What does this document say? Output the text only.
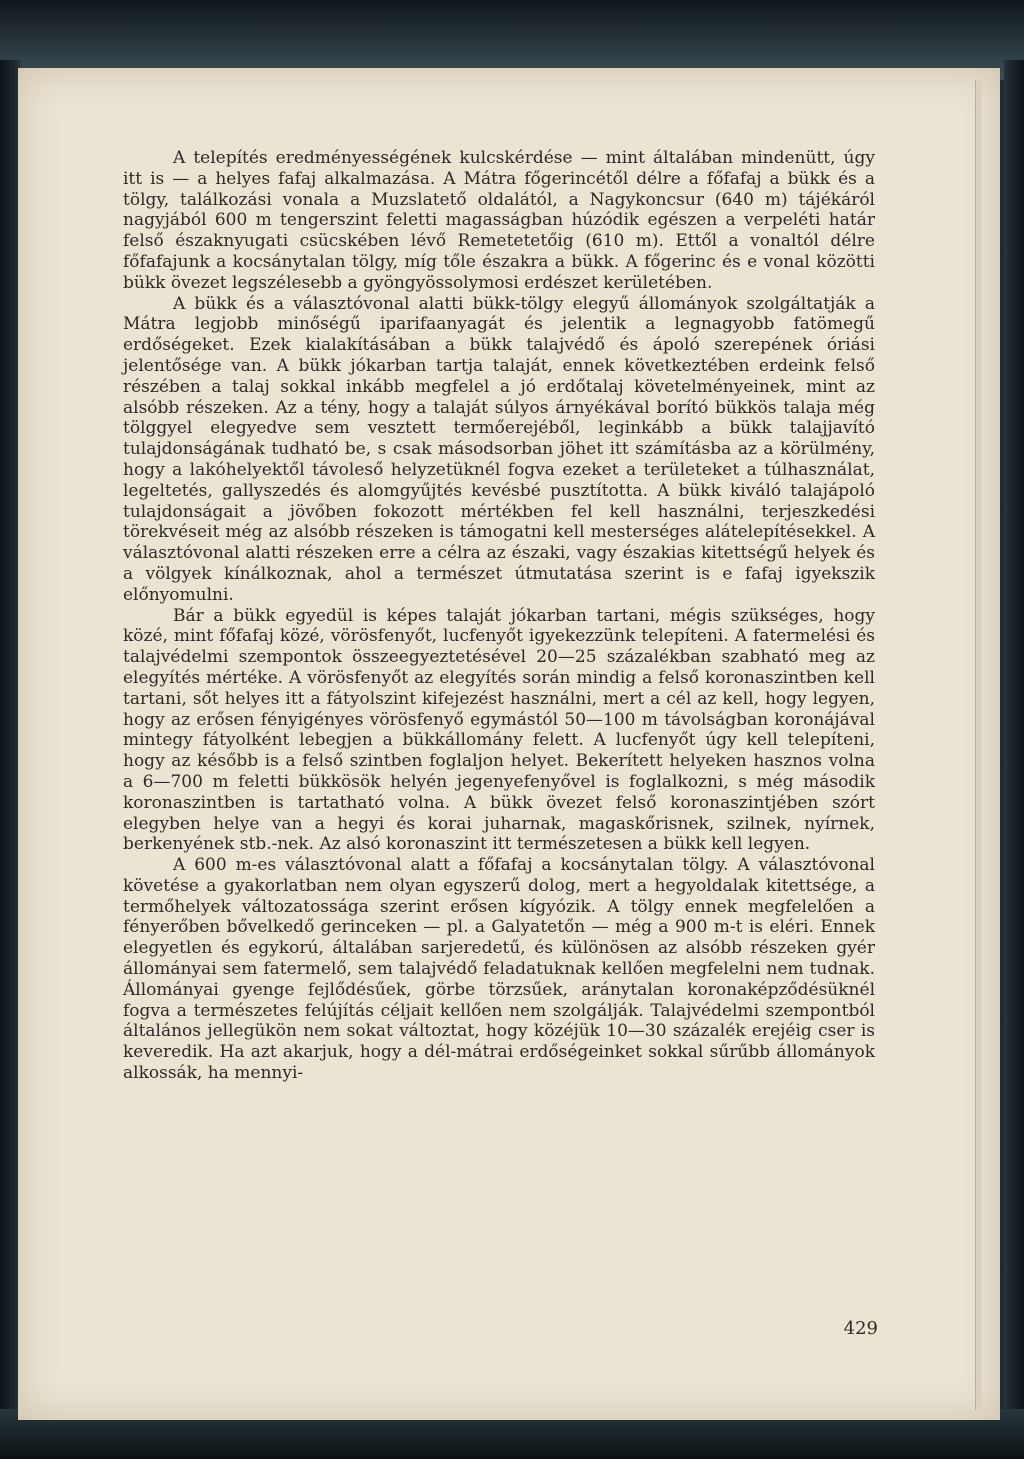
A telepítés eredményességének kulcskérdése — mint általában mindenütt, úgy itt is — a helyes fafaj alkalmazása. A Mátra főgerincétől délre a főfafaj a bükk és a tölgy, találkozási vonala a Muzslatető oldalától, a Nagykoncsur (640 m) tájékáról nagyjából 600 m tengerszint feletti magasságban húzódik egészen a verpeléti határ felső északnyugati csücskében lévő Remetetetőig (610 m). Ettől a vonaltól délre főfafajunk a kocsánytalan tölgy, míg tőle északra a bükk. A főgerinc és e vonal közötti bükk övezet legszélesebb a gyöngyössolymosi erdészet kerületében.

A bükk és a választóvonal alatti bükk-tölgy elegyű állományok szolgáltatják a Mátra legjobb minőségű iparifaanyagát és jelentik a legnagyobb fatömegű erdőségeket. Ezek kialakításában a bükk talajvédő és ápoló szerepének óriási jelentősége van. A bükk jókarban tartja talaját, ennek következtében erdeink felső részében a talaj sokkal inkább megfelel a jó erdőtalaj követelményeinek, mint az alsóbb részeken. Az a tény, hogy a talaját súlyos árnyékával borító bükkös talaja még tölggyel elegyedve sem vesztett termőerejéből, leginkább a bükk talajjavító tulajdonságának tudható be, s csak másodsorban jöhet itt számításba az a körülmény, hogy a lakóhelyektől távoleső helyzetüknél fogva ezeket a területeket a túlhasználat, legeltetés, gallyszedés és alomgyűjtés kevésbé pusztította. A bükk kiváló talajápoló tulajdonságait a jövőben fokozott mértékben fel kell használni, terjeszkedési törekvéseit még az alsóbb részeken is támogatni kell mesterséges alátelepítésekkel. A választóvonal alatti részeken erre a célra az északi, vagy északias kitettségű helyek és a völgyek kínálkoznak, ahol a természet útmutatása szerint is e fafaj igyekszik előnyomulni.

Bár a bükk egyedül is képes talaját jókarban tartani, mégis szükséges, hogy közé, mint főfafaj közé, vörösfenyőt, lucfenyőt igyekezzünk telepíteni. A fatermelési és talajvédelmi szempontok összeegyeztetésével 20—25 százalékban szabható meg az elegyítés mértéke. A vörösfenyőt az elegyítés során mindig a felső koronaszintben kell tartani, sőt helyes itt a fátyolszint kifejezést használni, mert a cél az kell, hogy legyen, hogy az erősen fényigényes vörösfenyő egymástól 50—100 m távolságban koronájával mintegy fátyolként lebegjen a bükkállomány felett. A lucfenyőt úgy kell telepíteni, hogy az később is a felső szintben foglaljon helyet. Bekerített helyeken hasznos volna a 6—700 m feletti bükkösök helyén jegenyefenyővel is foglalkozni, s még második koronaszintben is tartatható volna. A bükk övezet felső koronaszintjében szórt elegyben helye van a hegyi és korai juharnak, magaskőrisnek, szilnek, nyírnek, berkenyének stb.-nek. Az alsó koronaszint itt természetesen a bükk kell legyen.

A 600 m-es választóvonal alatt a főfafaj a kocsánytalan tölgy. A választóvonal követése a gyakorlatban nem olyan egyszerű dolog, mert a hegyoldalak kitettsége, a termőhelyek változatossága szerint erősen kígyózik. A tölgy ennek megfelelően a fényerőben bővelkedő gerinceken — pl. a Galyatetőn — még a 900 m-t is eléri. Ennek elegyetlen és egykorú, általában sarjeredetű, és különösen az alsóbb részeken gyér állományai sem fatermelő, sem talajvédő feladatuknak kellően megfelelni nem tudnak. Állományai gyenge fejlődésűek, görbe törzsűek, aránytalan koronaképződésüknél fogva a természetes felújítás céljait kellően nem szolgálják. Talajvédelmi szempontból általános jellegükön nem sokat változtat, hogy közéjük 10—30 százalék erejéig cser is keveredik. Ha azt akarjuk, hogy a dél-mátrai erdőségeinket sokkal sűrűbb állományok alkossák, ha mennyi-

429
